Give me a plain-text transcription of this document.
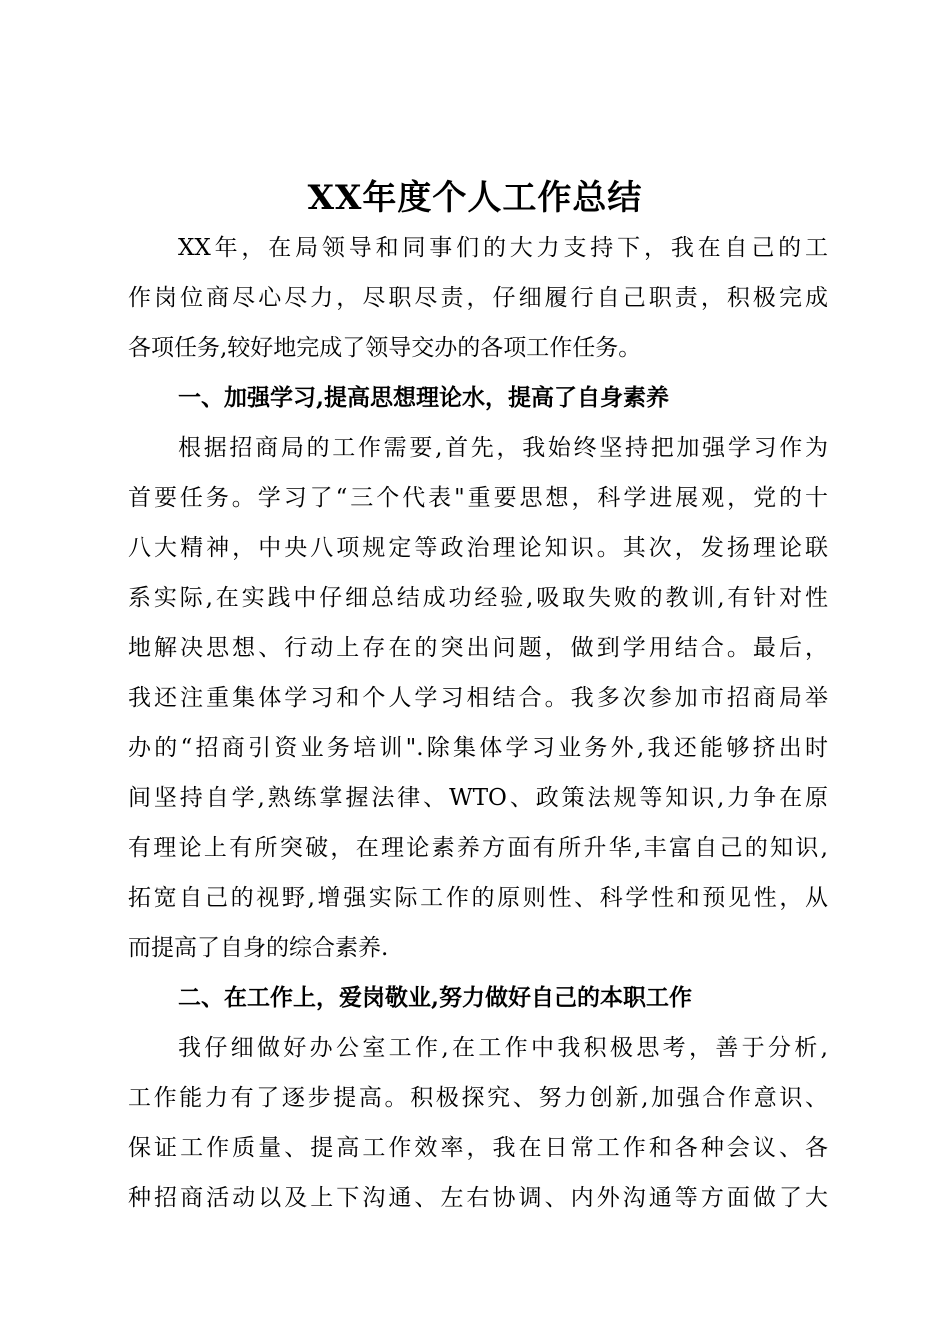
XX年度个人工作总结
XX年，在局领导和同事们的大力支持下，我在自己的工
作岗位商尽心尽力，尽职尽责，仔细履行自己职责，积极完成
各项任务,较好地完成了领导交办的各项工作任务。
一、加强学习,提高思想理论水，提高了自身素养
根据招商局的工作需要,首先，我始终坚持把加强学习作为
首要任务。学习了“三个代表"重要思想，科学进展观，党的十
八大精神，中央八项规定等政治理论知识。其次，发扬理论联
系实际,在实践中仔细总结成功经验,吸取失败的教训,有针对性
地解决思想、行动上存在的突出问题，做到学用结合。最后，
我还注重集体学习和个人学习相结合。我多次参加市招商局举
办的“招商引资业务培训".除集体学习业务外,我还能够挤出时
间坚持自学,熟练掌握法律、WTO、政策法规等知识,力争在原
有理论上有所突破，在理论素养方面有所升华,丰富自己的知识,
拓宽自己的视野,增强实际工作的原则性、科学性和预见性，从
而提高了自身的综合素养.
二、在工作上，爱岗敬业,努力做好自己的本职工作
我仔细做好办公室工作,在工作中我积极思考，善于分析,
工作能力有了逐步提高。积极探究、努力创新,加强合作意识、
保证工作质量、提高工作效率，我在日常工作和各种会议、各
种招商活动以及上下沟通、左右协调、内外沟通等方面做了大
